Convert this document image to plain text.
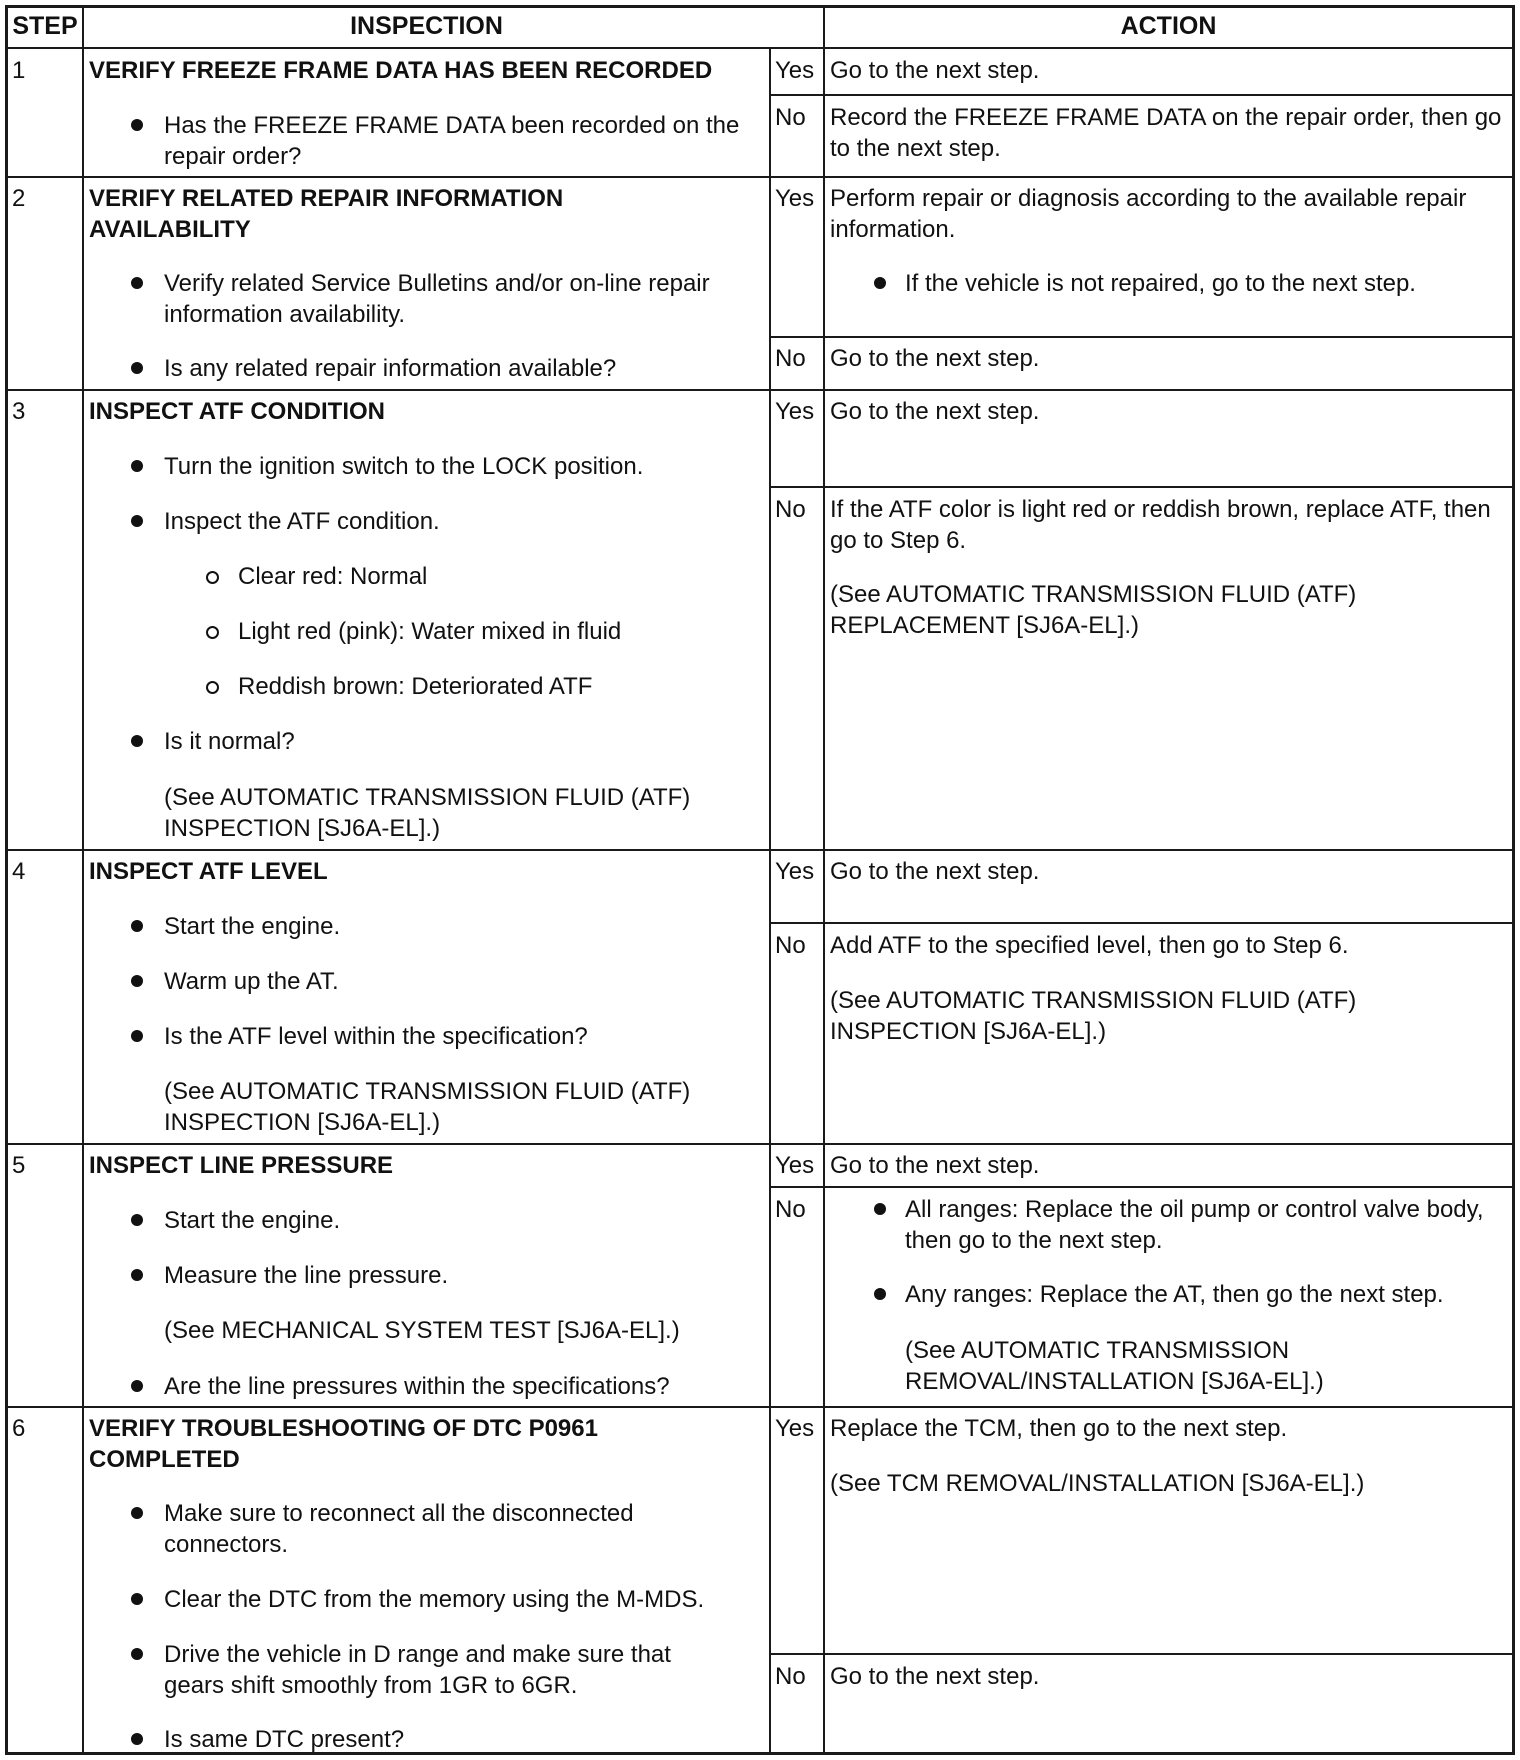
STEP	INSPECTION	ACTION
1	VERIFY FREEZE FRAME DATA HAS BEEN RECORDED
Has the FREEZE FRAME DATA been recorded on the repair order?
Yes Go to the next step.
No Record the FREEZE FRAME DATA on the repair order, then go to the next step.
2	VERIFY RELATED REPAIR INFORMATION AVAILABILITY
Verify related Service Bulletins and/or on-line repair information availability.
Is any related repair information available?
Yes Perform repair or diagnosis according to the available repair information.
If the vehicle is not repaired, go to the next step.
No Go to the next step.
3	INSPECT ATF CONDITION
Turn the ignition switch to the LOCK position.
Inspect the ATF condition.
Clear red: Normal
Light red (pink): Water mixed in fluid
Reddish brown: Deteriorated ATF
Is it normal?
(See AUTOMATIC TRANSMISSION FLUID (ATF) INSPECTION [SJ6A-EL].)
Yes Go to the next step.
No If the ATF color is light red or reddish brown, replace ATF, then go to Step 6.
(See AUTOMATIC TRANSMISSION FLUID (ATF) REPLACEMENT [SJ6A-EL].)
4	INSPECT ATF LEVEL
Start the engine.
Warm up the AT.
Is the ATF level within the specification?
(See AUTOMATIC TRANSMISSION FLUID (ATF) INSPECTION [SJ6A-EL].)
Yes Go to the next step.
No Add ATF to the specified level, then go to Step 6.
(See AUTOMATIC TRANSMISSION FLUID (ATF) INSPECTION [SJ6A-EL].)
5	INSPECT LINE PRESSURE
Start the engine.
Measure the line pressure.
(See MECHANICAL SYSTEM TEST [SJ6A-EL].)
Are the line pressures within the specifications?
Yes Go to the next step.
No	All ranges: Replace the oil pump or control valve body, then go to the next step.
Any ranges: Replace the AT, then go the next step.
(See AUTOMATIC TRANSMISSION REMOVAL/INSTALLATION [SJ6A-EL].)
6	VERIFY TROUBLESHOOTING OF DTC P0961 COMPLETED
Make sure to reconnect all the disconnected connectors.
Clear the DTC from the memory using the M-MDS.
Drive the vehicle in D range and make sure that gears shift smoothly from 1GR to 6GR.
Is same DTC present?
Yes Replace the TCM, then go to the next step.
(See TCM REMOVAL/INSTALLATION [SJ6A-EL].)
No Go to the next step.
